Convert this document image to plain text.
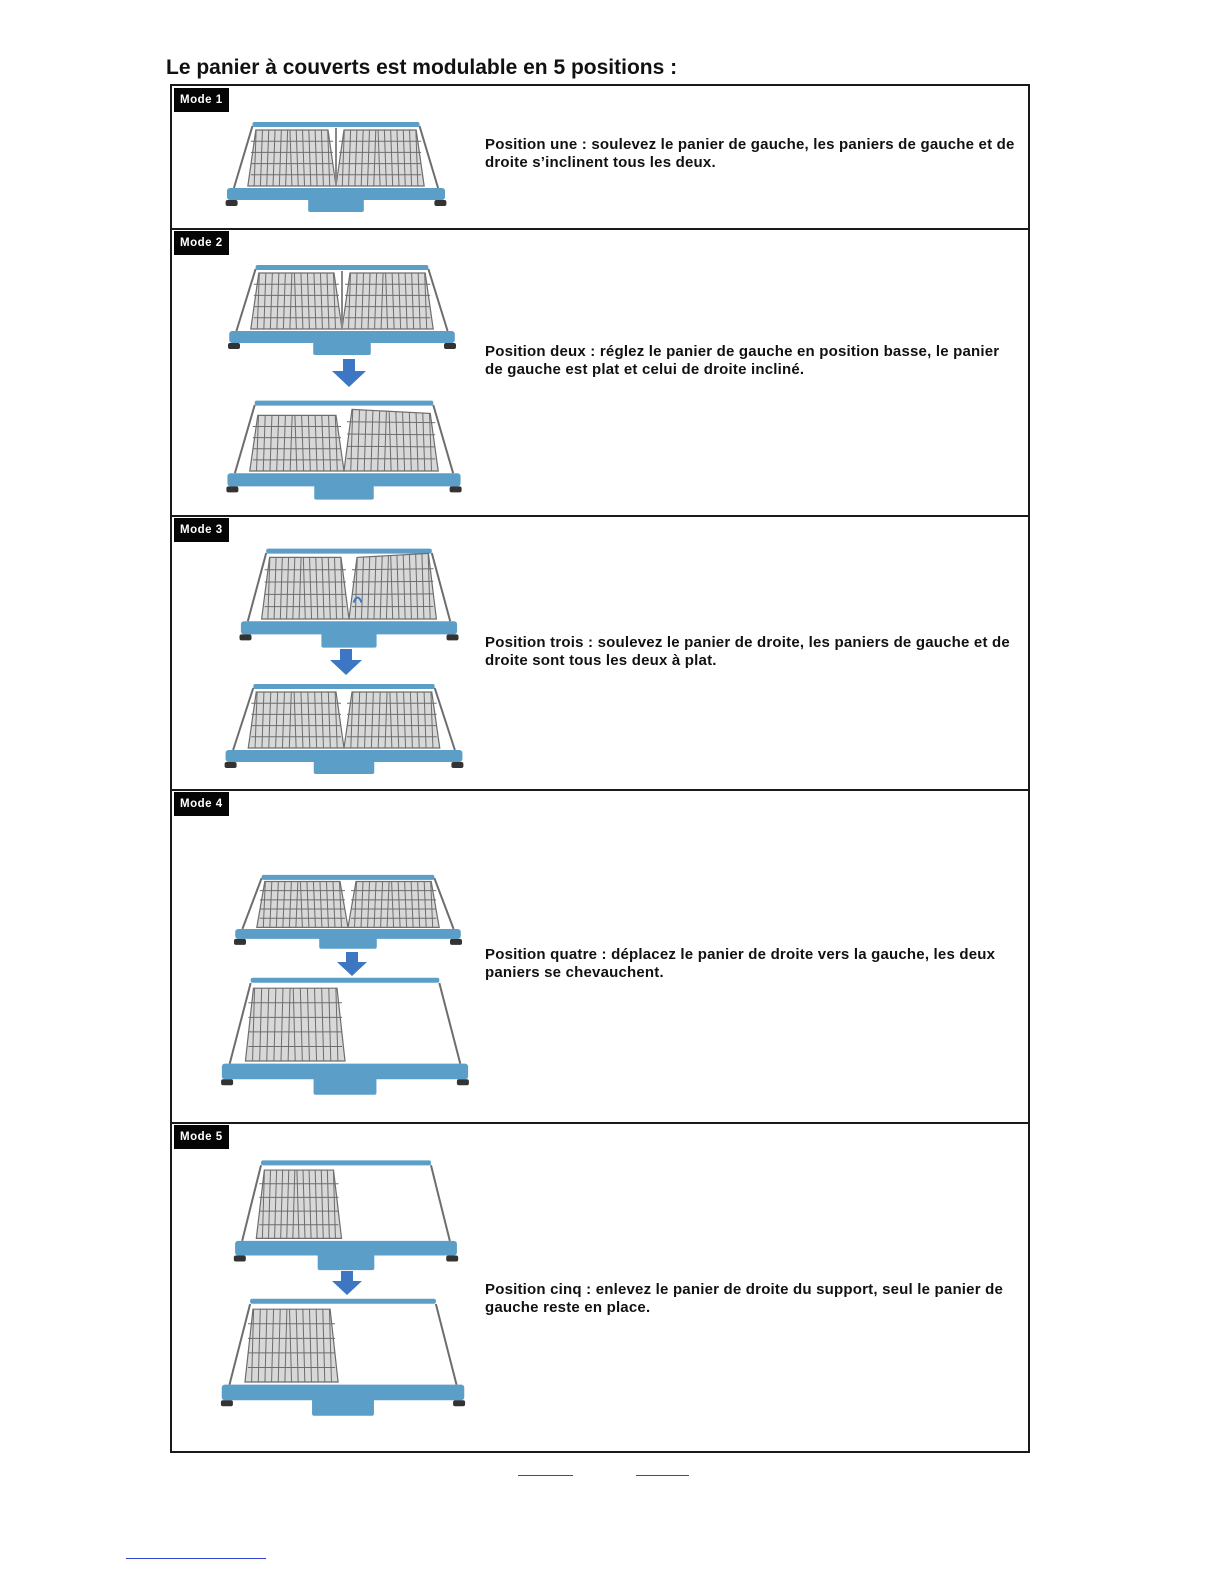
Le panier à couverts est modulable en 5 positions :
Mode 1
Position une : soulevez le panier de gauche, les paniers de gauche et de droite s’inclinent tous les deux.
Mode 2
Position deux : réglez le panier de gauche en position basse, le panier de gauche est plat et celui de droite incliné.
Mode 3
Position trois : soulevez le panier de droite, les paniers de gauche et de droite sont tous les deux à plat.
Mode 4
Position quatre : déplacez le panier de droite vers la gauche, les deux paniers se chevauchent.
Mode 5
Position cinq : enlevez le panier de droite du support, seul le panier de gauche reste en place.
